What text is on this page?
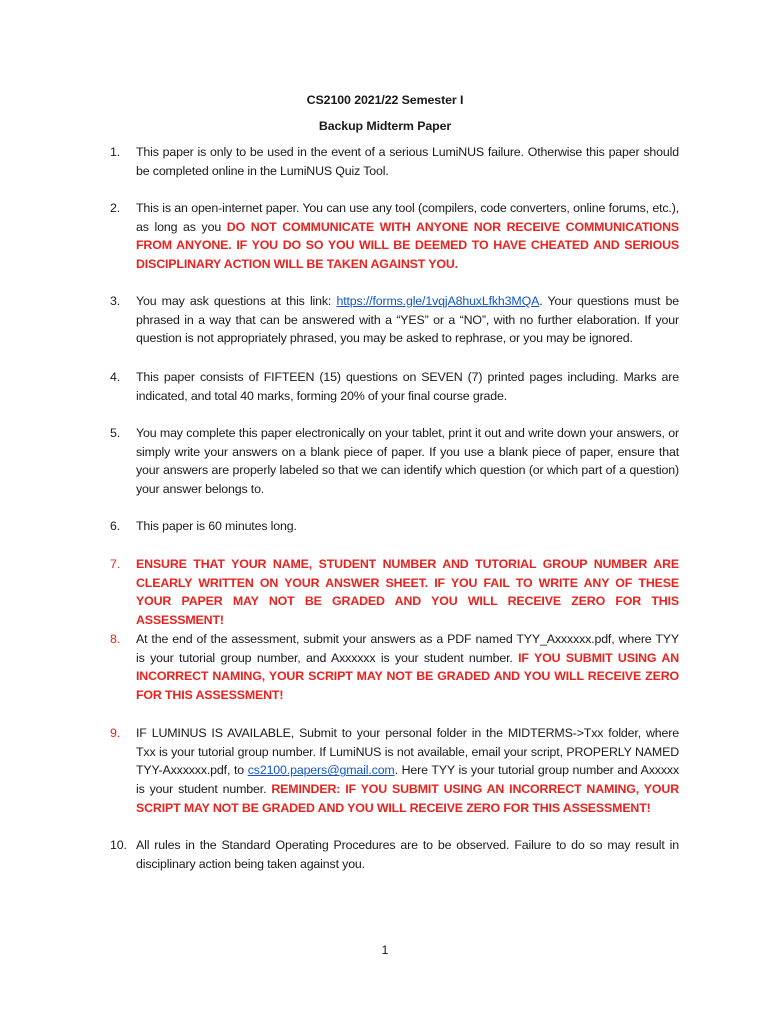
CS2100 2021/22 Semester I
Backup Midterm Paper
1.	This paper is only to be used in the event of a serious LumiNUS failure. Otherwise this paper should be completed online in the LumiNUS Quiz Tool.
2.	This is an open-internet paper. You can use any tool (compilers, code converters, online forums, etc.), as long as you DO NOT COMMUNICATE WITH ANYONE NOR RECEIVE COMMUNICATIONS FROM ANYONE. IF YOU DO SO YOU WILL BE DEEMED TO HAVE CHEATED AND SERIOUS DISCIPLINARY ACTION WILL BE TAKEN AGAINST YOU.
3.	You may ask questions at this link: https://forms.gle/1vqjA8huxLfkh3MQA. Your questions must be phrased in a way that can be answered with a “YES” or a “NO”, with no further elaboration. If your question is not appropriately phrased, you may be asked to rephrase, or you may be ignored.
4.	This paper consists of FIFTEEN (15) questions on SEVEN (7) printed pages including. Marks are indicated, and total 40 marks, forming 20% of your final course grade.
5.	You may complete this paper electronically on your tablet, print it out and write down your answers, or simply write your answers on a blank piece of paper. If you use a blank piece of paper, ensure that your answers are properly labeled so that we can identify which question (or which part of a question) your answer belongs to.
6.	This paper is 60 minutes long.
7.	ENSURE THAT YOUR NAME, STUDENT NUMBER AND TUTORIAL GROUP NUMBER ARE CLEARLY WRITTEN ON YOUR ANSWER SHEET. IF YOU FAIL TO WRITE ANY OF THESE YOUR PAPER MAY NOT BE GRADED AND YOU WILL RECEIVE ZERO FOR THIS ASSESSMENT!
8.	At the end of the assessment, submit your answers as a PDF named TYY_Axxxxxx.pdf, where TYY is your tutorial group number, and Axxxxxx is your student number. IF YOU SUBMIT USING AN INCORRECT NAMING, YOUR SCRIPT MAY NOT BE GRADED AND YOU WILL RECEIVE ZERO FOR THIS ASSESSMENT!
9.	IF LUMINUS IS AVAILABLE, Submit to your personal folder in the MIDTERMS->Txx folder, where Txx is your tutorial group number. If LumiNUS is not available, email your script, PROPERLY NAMED TYY-Axxxxxx.pdf, to cs2100.papers@gmail.com. Here TYY is your tutorial group number and Axxxxx is your student number. REMINDER: IF YOU SUBMIT USING AN INCORRECT NAMING, YOUR SCRIPT MAY NOT BE GRADED AND YOU WILL RECEIVE ZERO FOR THIS ASSESSMENT!
10. All rules in the Standard Operating Procedures are to be observed. Failure to do so may result in disciplinary action being taken against you.
1
